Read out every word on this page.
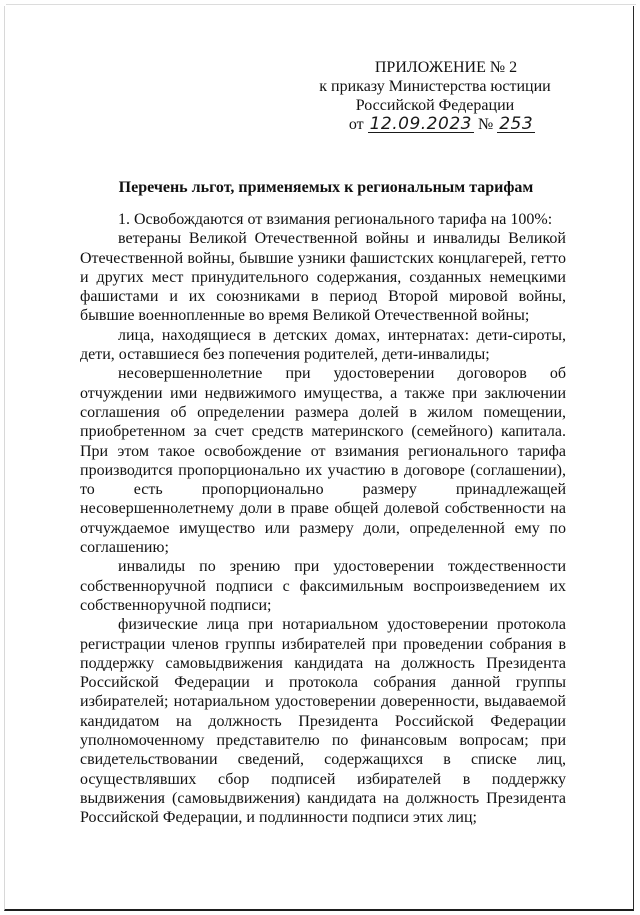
ПРИЛОЖЕНИЕ № 2
к приказу Министерства юстиции
Российской Федерации
от 12.09.2023 № 253
Перечень льгот, применяемых к региональным тарифам

1. Освобождаются от взимания регионального тарифа на 100%:

ветераны Великой Отечественной войны и инвалиды Великой Отечественной войны, бывшие узники фашистских концлагерей, гетто и других мест принудительного содержания, созданных немецкими фашистами и их союзниками в период Второй мировой войны, бывшие военнопленные во время Великой Отечественной войны;

лица, находящиеся в детских домах, интернатах: дети-сироты, дети, оставшиеся без попечения родителей, дети-инвалиды;

несовершеннолетние при удостоверении договоров об отчуждении ими недвижимого имущества, а также при заключении соглашения об определении размера долей в жилом помещении, приобретенном за счет средств материнского (семейного) капитала. При этом такое освобождение от взимания регионального тарифа производится пропорционально их участию в договоре (соглашении), то есть пропорционально размеру принадлежащей несовершеннолетнему доли в праве общей долевой собственности на отчуждаемое имущество или размеру доли, определенной ему по соглашению;

инвалиды по зрению при удостоверении тождественности собственноручной подписи с факсимильным воспроизведением их собственноручной подписи;

физические лица при нотариальном удостоверении протокола регистрации членов группы избирателей при проведении собрания в поддержку самовыдвижения кандидата на должность Президента Российской Федерации и протокола собрания данной группы избирателей; нотариальном удостоверении доверенности, выдаваемой кандидатом на должность Президента Российской Федерации уполномоченному представителю по финансовым вопросам; при свидетельствовании сведений, содержащихся в списке лиц, осуществлявших сбор подписей избирателей в поддержку выдвижения (самовыдвижения) кандидата на должность Президента Российской Федерации, и подлинности подписи этих лиц;
